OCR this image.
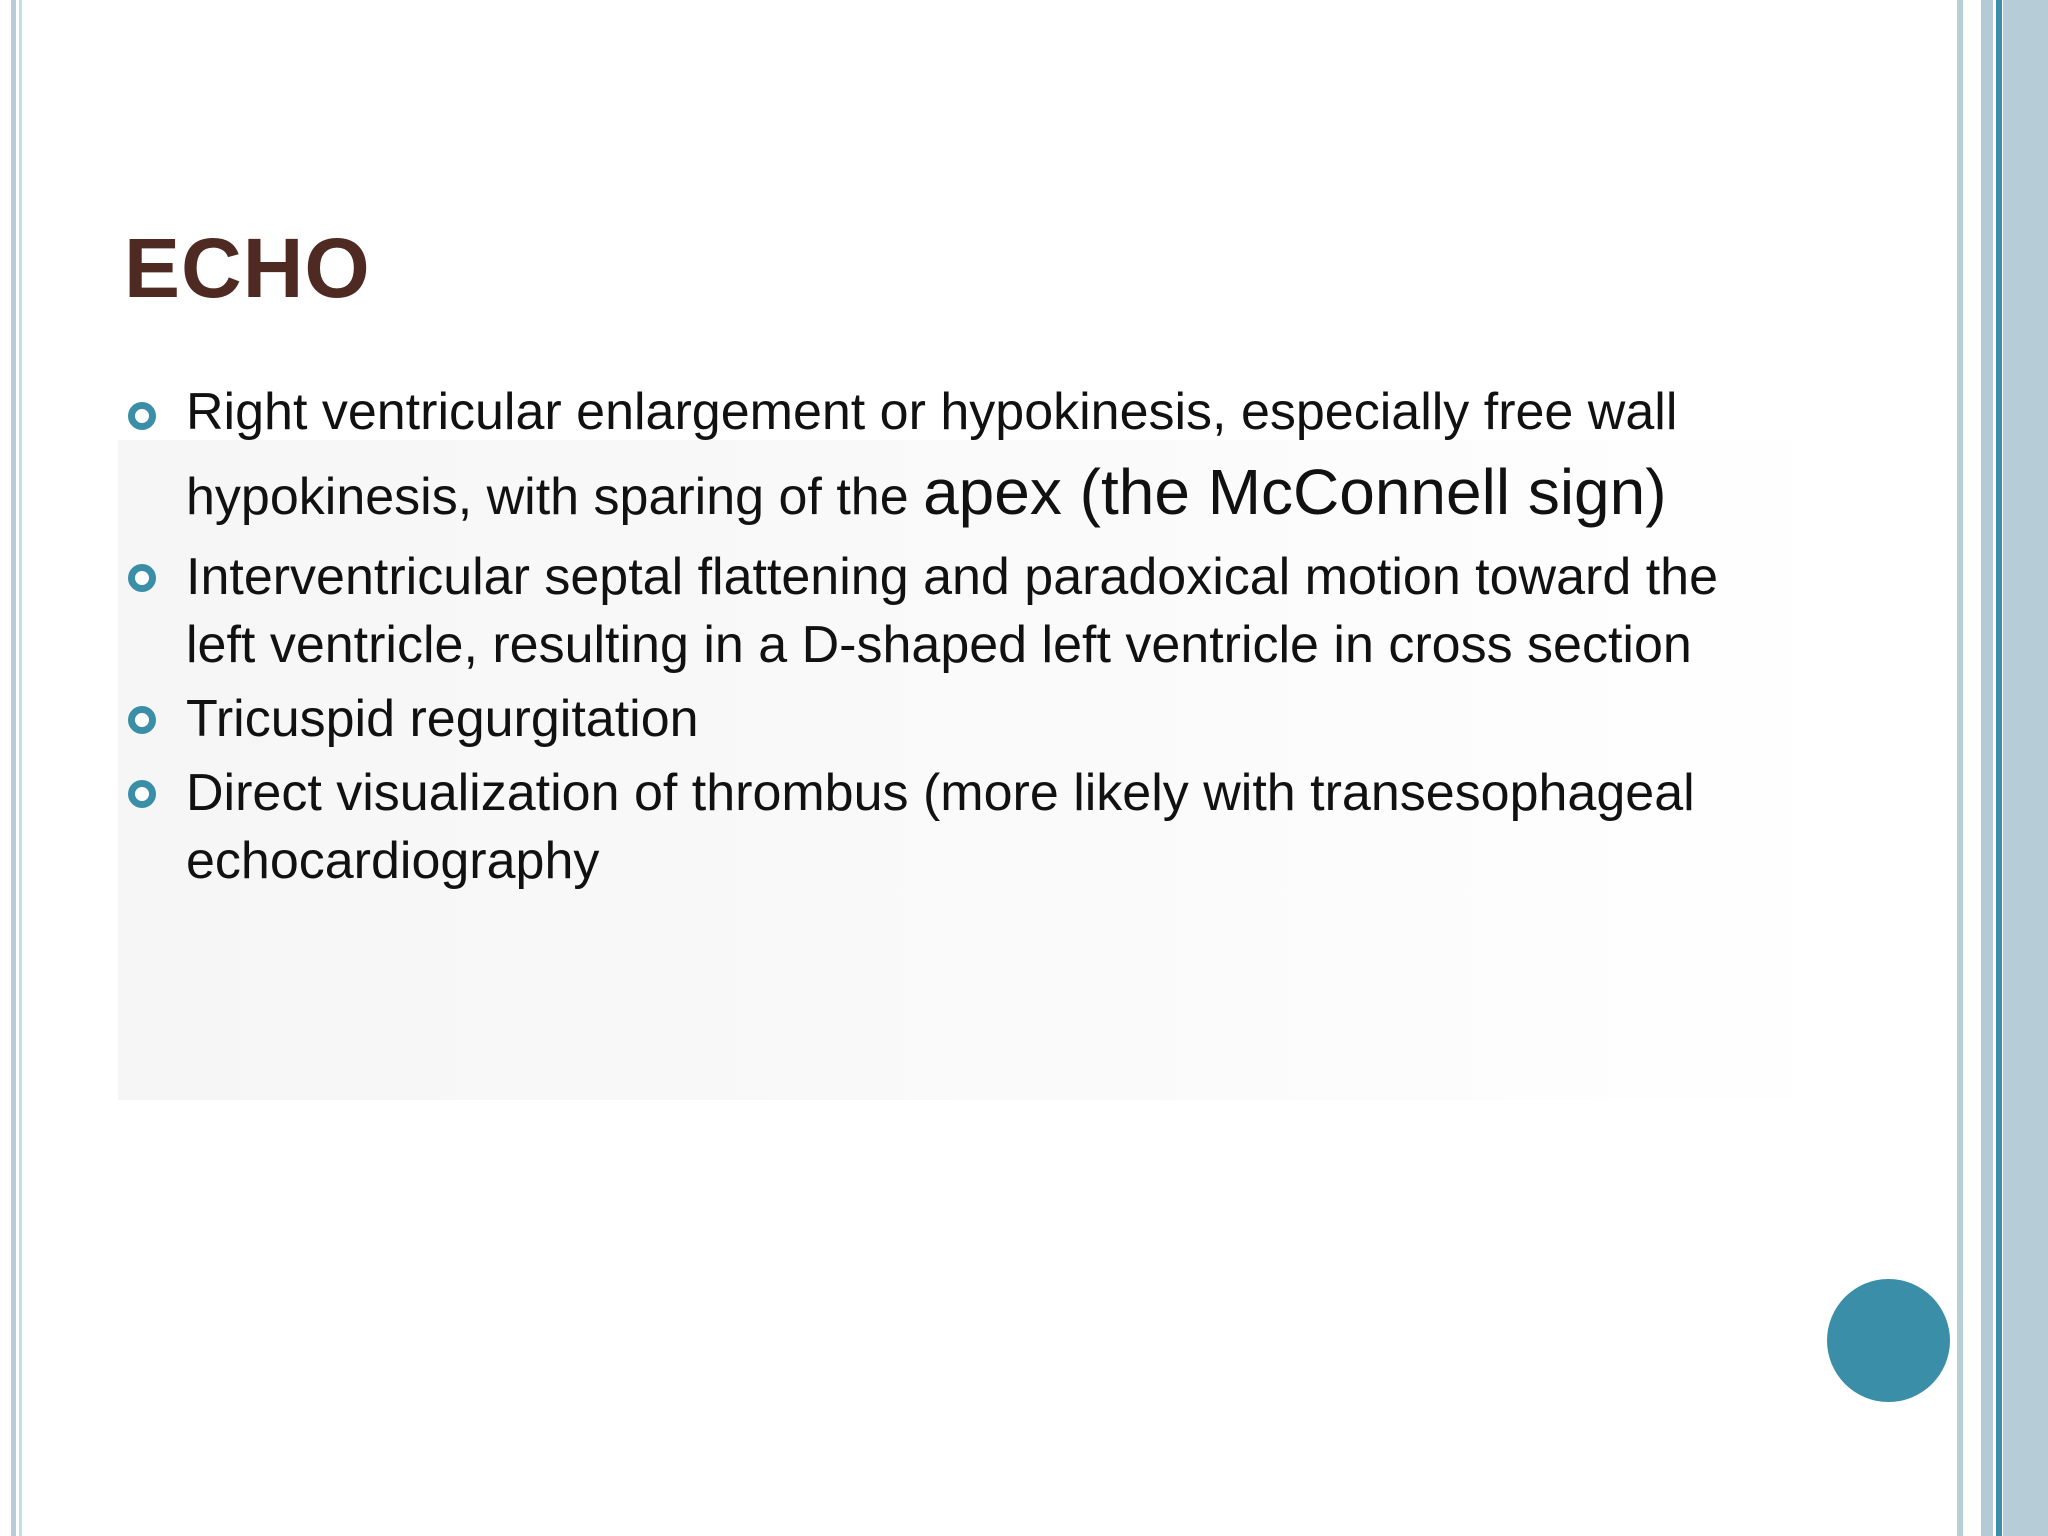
ECHO
Right ventricular enlargement or hypokinesis, especially free wall hypokinesis, with sparing of the apex (the McConnell sign)
Interventricular septal flattening and paradoxical motion toward the left ventricle, resulting in a D-shaped left ventricle in cross section
Tricuspid regurgitation
Direct visualization of thrombus (more likely with transesophageal echocardiography
